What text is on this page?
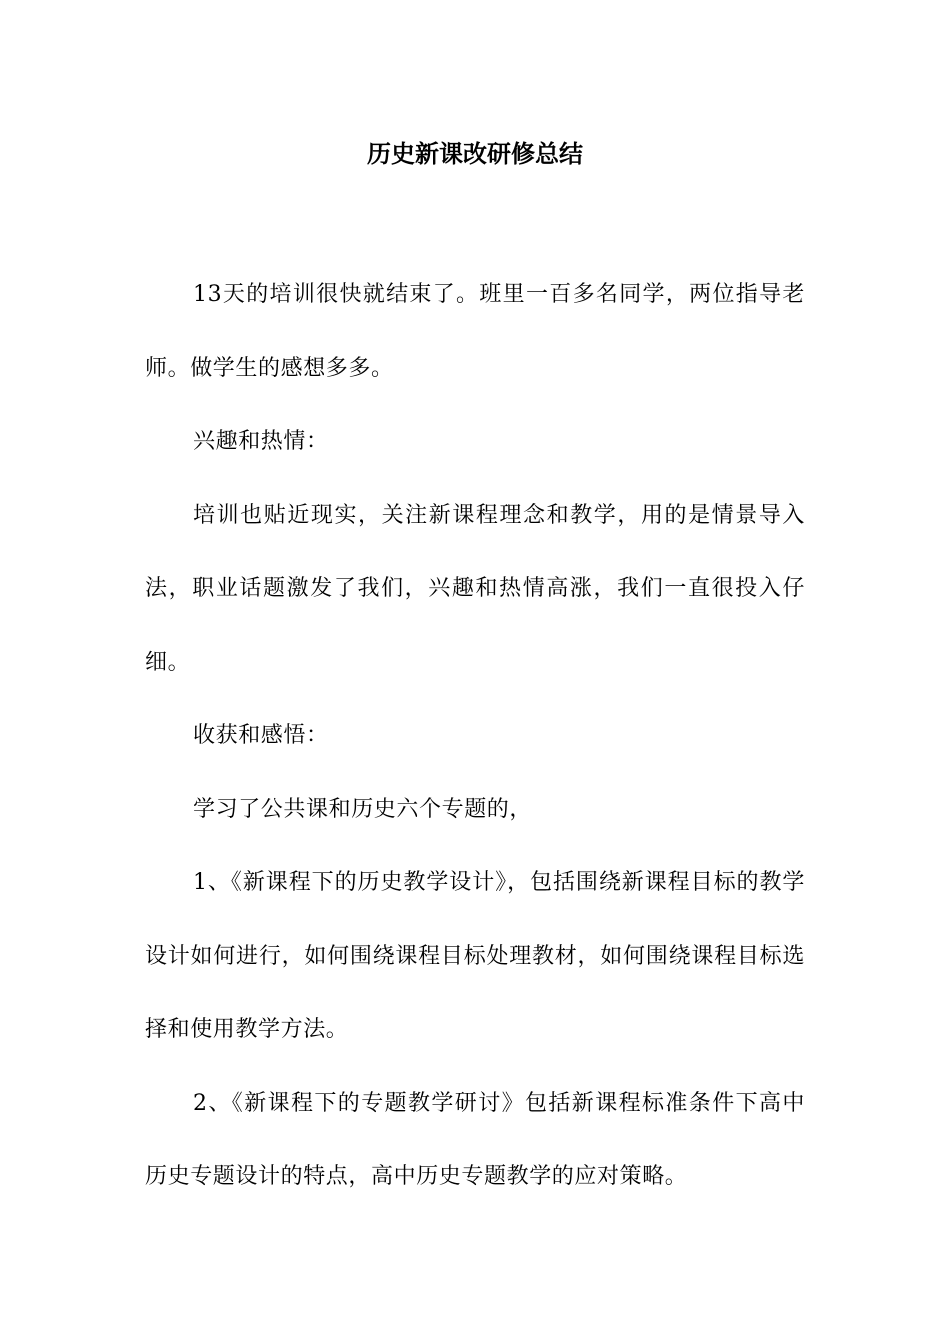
历史新课改研修总结

13天的培训很快就结束了。班里一百多名同学，两位指导老师。做学生的感想多多。

兴趣和热情：

培训也贴近现实，关注新课程理念和教学，用的是情景导入法，职业话题激发了我们，兴趣和热情高涨，我们一直很投入仔细。

收获和感悟：

学习了公共课和历史六个专题的，

1、《新课程下的历史教学设计》，包括围绕新课程目标的教学设计如何进行，如何围绕课程目标处理教材，如何围绕课程目标选择和使用教学方法。

2、《新课程下的专题教学研讨》包括新课程标准条件下高中历史专题设计的特点，高中历史专题教学的应对策略。
